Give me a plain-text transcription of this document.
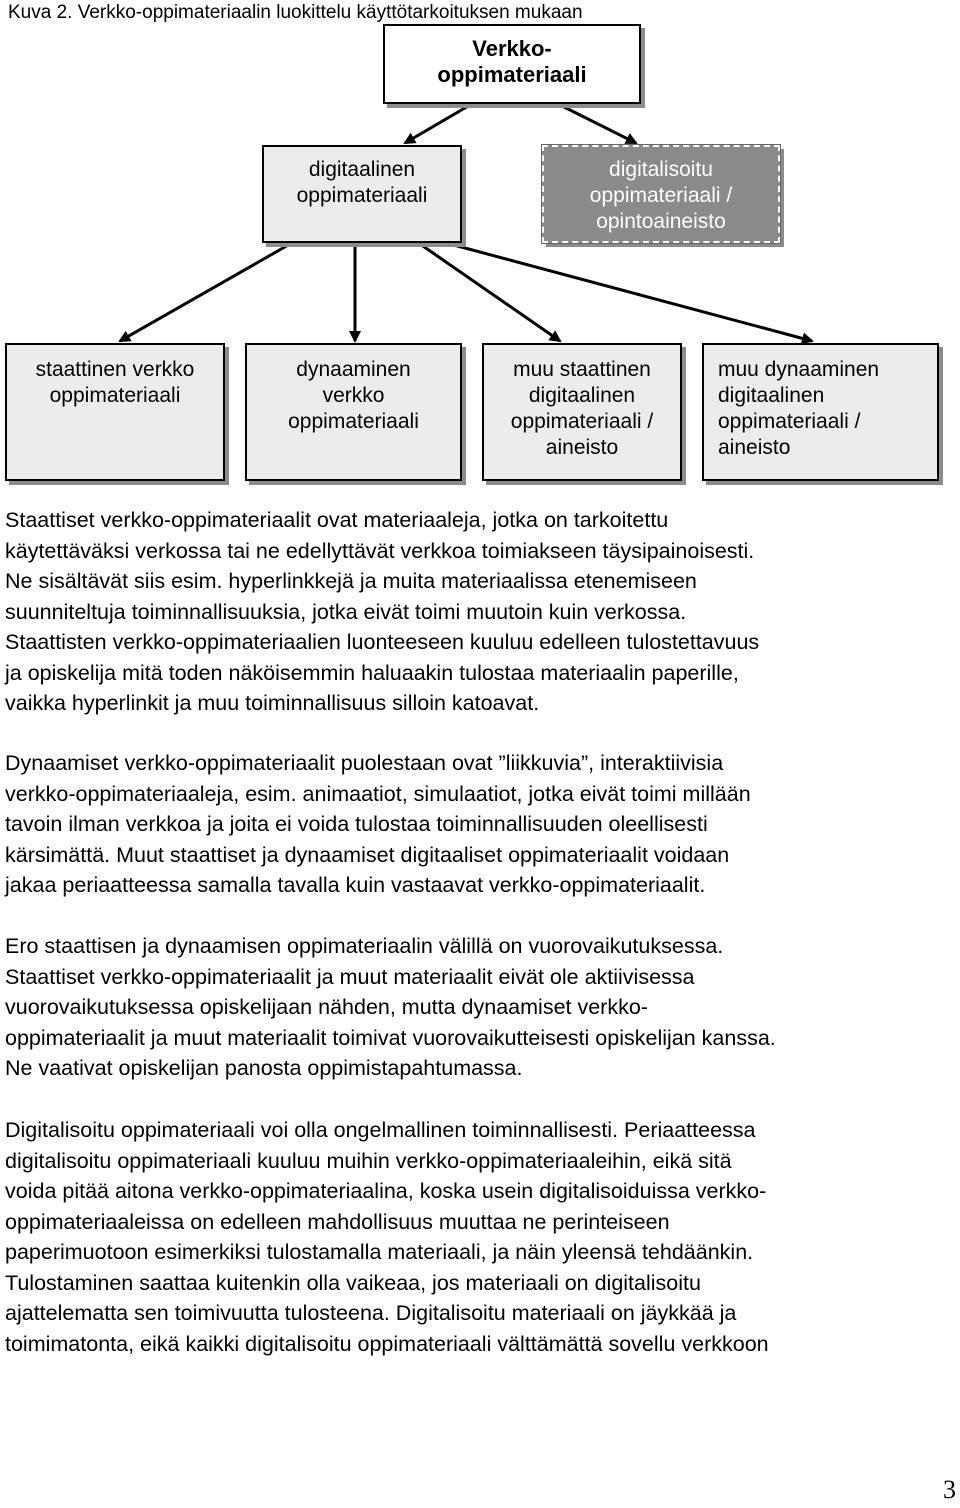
Kuva 2. Verkko-oppimateriaalin luokittelu käyttötarkoituksen mukaan
Verkko-
oppimateriaali
digitaalinen
oppimateriaali
digitalisoitu
oppimateriaali /
opintoaineisto
staattinen verkko
oppimateriaali
dynaaminen
verkko
oppimateriaali
muu staattinen
digitaalinen
oppimateriaali /
aineisto
muu dynaaminen
digitaalinen
oppimateriaali /
aineisto
Staattiset verkko-oppimateriaalit ovat materiaaleja, jotka on tarkoitettu
käytettäväksi verkossa tai ne edellyttävät verkkoa toimiakseen täysipainoisesti.
Ne sisältävät siis esim. hyperlinkkejä ja muita materiaalissa etenemiseen
suunniteltuja toiminnallisuuksia, jotka eivät toimi muutoin kuin verkossa.
Staattisten verkko-oppimateriaalien luonteeseen kuuluu edelleen tulostettavuus
ja opiskelija mitä toden näköisemmin haluaakin tulostaa materiaalin paperille,
vaikka hyperlinkit ja muu toiminnallisuus silloin katoavat.
Dynaamiset verkko-oppimateriaalit puolestaan ovat ”liikkuvia”, interaktiivisia
verkko-oppimateriaaleja, esim. animaatiot, simulaatiot, jotka eivät toimi millään
tavoin ilman verkkoa ja joita ei voida tulostaa toiminnallisuuden oleellisesti
kärsimättä. Muut staattiset ja dynaamiset digitaaliset oppimateriaalit voidaan
jakaa periaatteessa samalla tavalla kuin vastaavat verkko-oppimateriaalit.
Ero staattisen ja dynaamisen oppimateriaalin välillä on vuorovaikutuksessa.
Staattiset verkko-oppimateriaalit ja muut materiaalit eivät ole aktiivisessa
vuorovaikutuksessa opiskelijaan nähden, mutta dynaamiset verkko-
oppimateriaalit ja muut materiaalit toimivat vuorovaikutteisesti opiskelijan kanssa.
Ne vaativat opiskelijan panosta oppimistapahtumassa.
Digitalisoitu oppimateriaali voi olla ongelmallinen toiminnallisesti. Periaatteessa
digitalisoitu oppimateriaali kuuluu muihin verkko-oppimateriaaleihin, eikä sitä
voida pitää aitona verkko-oppimateriaalina, koska usein digitalisoiduissa verkko-
oppimateriaaleissa on edelleen mahdollisuus muuttaa ne perinteiseen
paperimuotoon esimerkiksi tulostamalla materiaali, ja näin yleensä tehdäänkin.
Tulostaminen saattaa kuitenkin olla vaikeaa, jos materiaali on digitalisoitu
ajattelematta sen toimivuutta tulosteena. Digitalisoitu materiaali on jäykkää ja
toimimatonta, eikä kaikki digitalisoitu oppimateriaali välttämättä sovellu verkkoon
3
